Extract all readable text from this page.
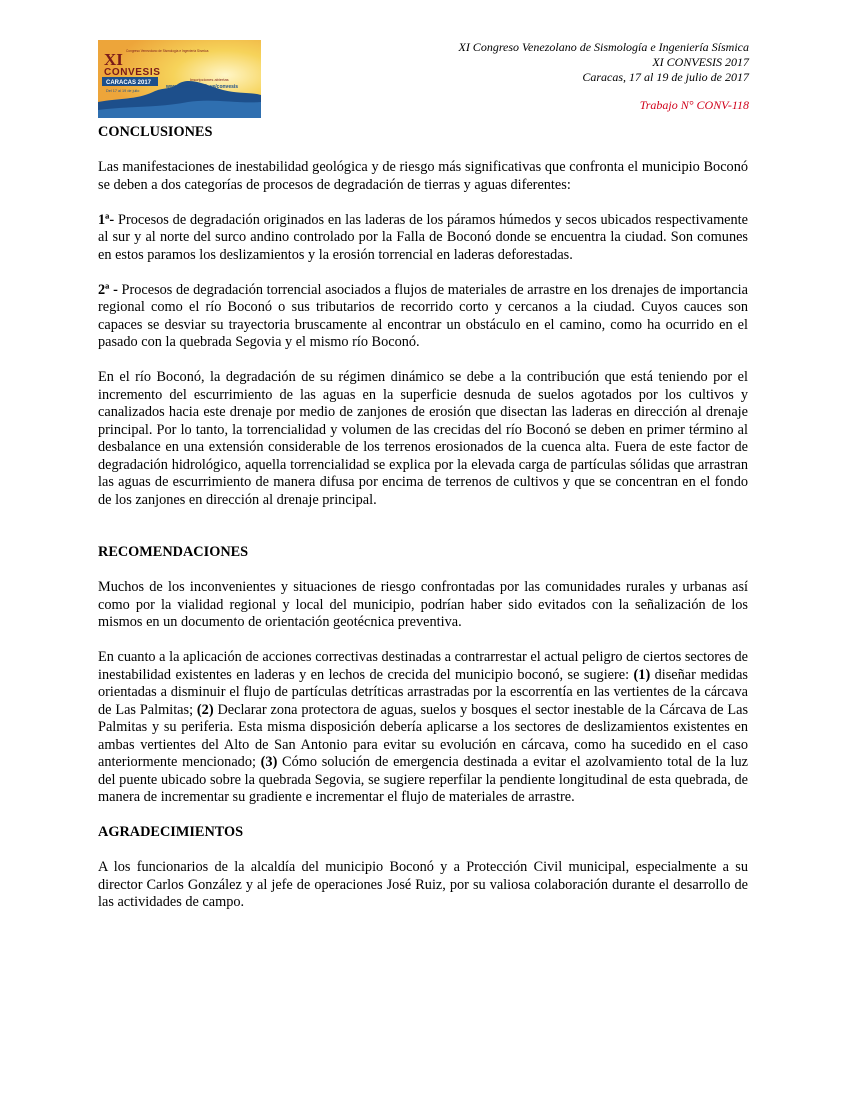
XI
CONVESIS
Congreso Venezolano de Sismología e Ingeniería Sísmica
CARACAS 2017
Del 17 al 19 de julio
Inscripciones abiertas
www.funvisis.gob.ve/convesis
XI Congreso Venezolano de Sismología e Ingeniería Sísmica
XI CONVESIS 2017
Caracas, 17 al 19 de julio de 2017
Trabajo N° CONV-118
CONCLUSIONES

Las manifestaciones de inestabilidad geológica y de riesgo más significativas que confronta el municipio Boconó se deben a dos categorías de procesos de degradación de tierras y aguas diferentes:

1ª- Procesos de degradación originados en las laderas de los páramos húmedos y secos ubicados respectivamente al sur y al norte del surco andino controlado por la Falla de Boconó donde se encuentra la ciudad. Son comunes en estos paramos los deslizamientos y la erosión torrencial en laderas deforestadas.

2ª - Procesos de degradación torrencial asociados a flujos de materiales de arrastre en los drenajes de importancia regional como el río Boconó o sus tributarios de recorrido corto y cercanos a la ciudad. Cuyos cauces son capaces se desviar su trayectoria bruscamente al encontrar un obstáculo en el camino, como ha ocurrido en el pasado con la quebrada Segovia y el mismo río Boconó.

En el río Boconó, la degradación de su régimen dinámico se debe a la contribución que está teniendo por el incremento del escurrimiento de las aguas en la superficie desnuda de suelos agotados por los cultivos y canalizados hacia este drenaje por medio de zanjones de erosión que disectan las laderas en dirección al drenaje principal. Por lo tanto, la torrencialidad y volumen de las crecidas del río Boconó se deben en primer término al desbalance en una extensión considerable de los terrenos erosionados de la cuenca alta. Fuera de este factor de degradación hidrológico, aquella torrencialidad se explica por la elevada carga de partículas sólidas que arrastran las aguas de escurrimiento de manera difusa por encima de terrenos de cultivos y que se concentran en el fondo de los zanjones en dirección al drenaje principal.

RECOMENDACIONES

Muchos de los inconvenientes y situaciones de riesgo confrontadas por las comunidades rurales y urbanas así como por la vialidad regional y local del municipio, podrían haber sido evitados con la señalización de los mismos en un documento de orientación geotécnica preventiva.

En cuanto a la aplicación de acciones correctivas destinadas a contrarrestar el actual peligro de ciertos sectores de inestabilidad existentes en laderas y en lechos de crecida del municipio boconó, se sugiere: (1) diseñar medidas orientadas a disminuir el flujo de partículas detríticas arrastradas por la escorrentía en las vertientes de la cárcava de Las Palmitas; (2) Declarar zona protectora de aguas, suelos y bosques el sector inestable de la Cárcava de Las Palmitas y su periferia. Esta misma disposición debería aplicarse a los sectores de deslizamientos existentes en ambas vertientes del Alto de San Antonio para evitar su evolución en cárcava, como ha sucedido en el caso anteriormente mencionado; (3) Cómo solución de emergencia destinada a evitar el azolvamiento total de la luz del puente ubicado sobre la quebrada Segovia, se sugiere reperfilar la pendiente longitudinal de esta quebrada, de manera de incrementar su gradiente e incrementar el flujo de materiales de arrastre.

AGRADECIMIENTOS

A los funcionarios de la alcaldía del municipio Boconó y a Protección Civil municipal, especialmente a su director Carlos González y al jefe de operaciones José Ruiz, por su valiosa colaboración durante el desarrollo de las actividades de campo.
